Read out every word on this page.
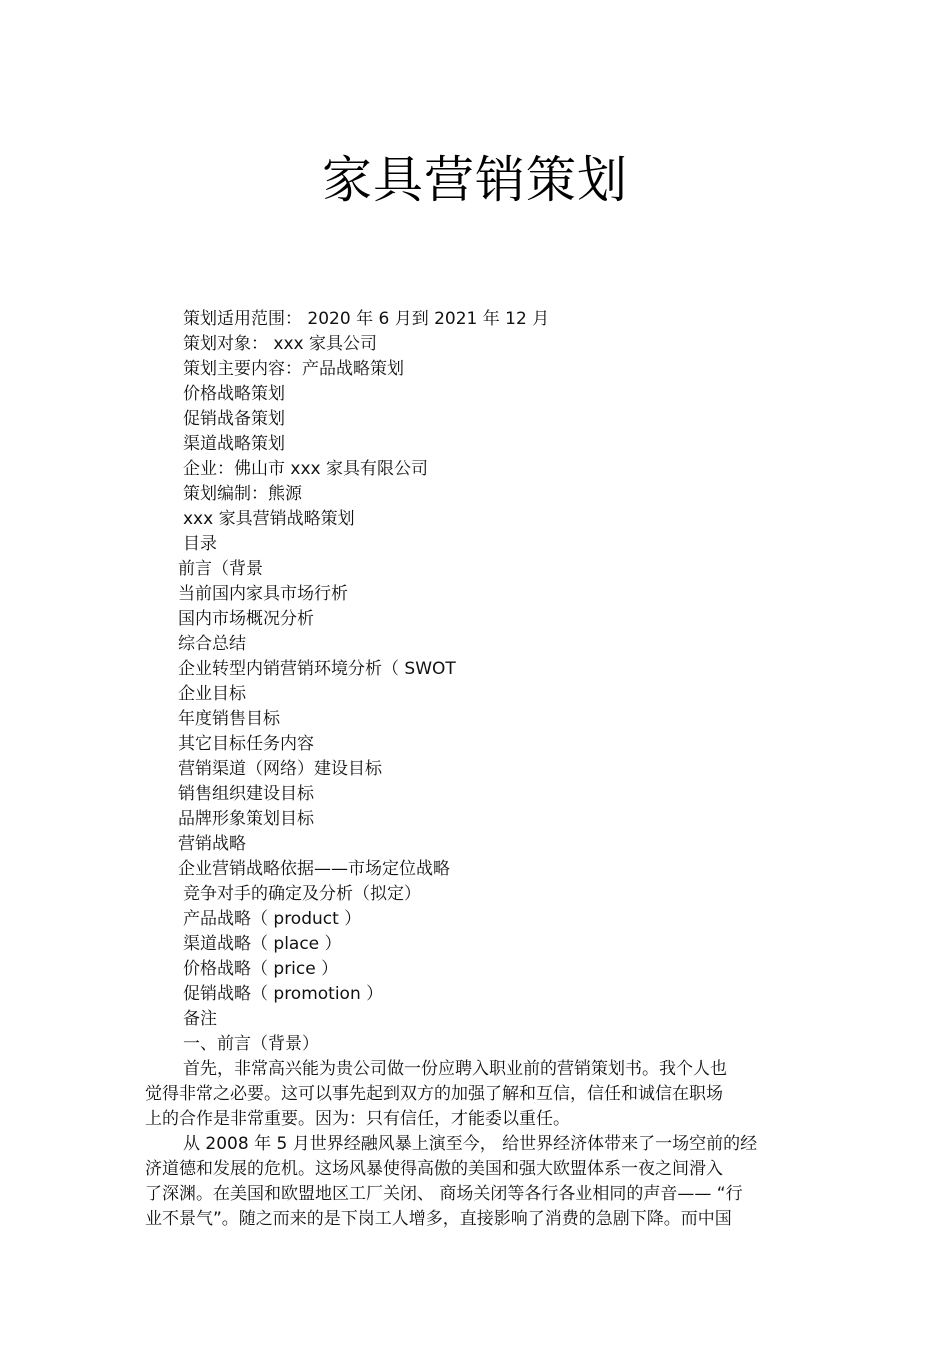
家具营销策划
策划适用范围： 2020 年 6 月到 2021 年 12 月
策划对象： xxx 家具公司
策划主要内容：产品战略策划
价格战略策划
促销战备策划
渠道战略策划
企业：佛山市 xxx 家具有限公司
策划编制：熊源
xxx 家具营销战略策划
目录
前言（背景
当前国内家具市场行析
国内市场概况分析
综合总结
企业转型内销营销环境分析（ SWOT
企业目标
年度销售目标
其它目标任务内容
营销渠道（网络）建设目标
销售组织建设目标
品牌形象策划目标
营销战略
企业营销战略依据——市场定位战略
竞争对手的确定及分析（拟定）
产品战略（ product ）
渠道战略（ place ）
价格战略（ price ）
促销战略（ promotion ）
备注
一、前言（背景）
首先，非常高兴能为贵公司做一份应聘入职业前的营销策划书。我个人也
觉得非常之必要。这可以事先起到双方的加强了解和互信，信任和诚信在职场
上的合作是非常重要。因为：只有信任，才能委以重任。
从 2008 年 5 月世界经融风暴上演至今， 给世界经济体带来了一场空前的经
济道德和发展的危机。这场风暴使得高傲的美国和强大欧盟体系一夜之间滑入
了深渊。在美国和欧盟地区工厂关闭、 商场关闭等各行各业相同的声音—— “行
业不景气”。随之而来的是下岗工人增多，直接影响了消费的急剧下降。而中国
